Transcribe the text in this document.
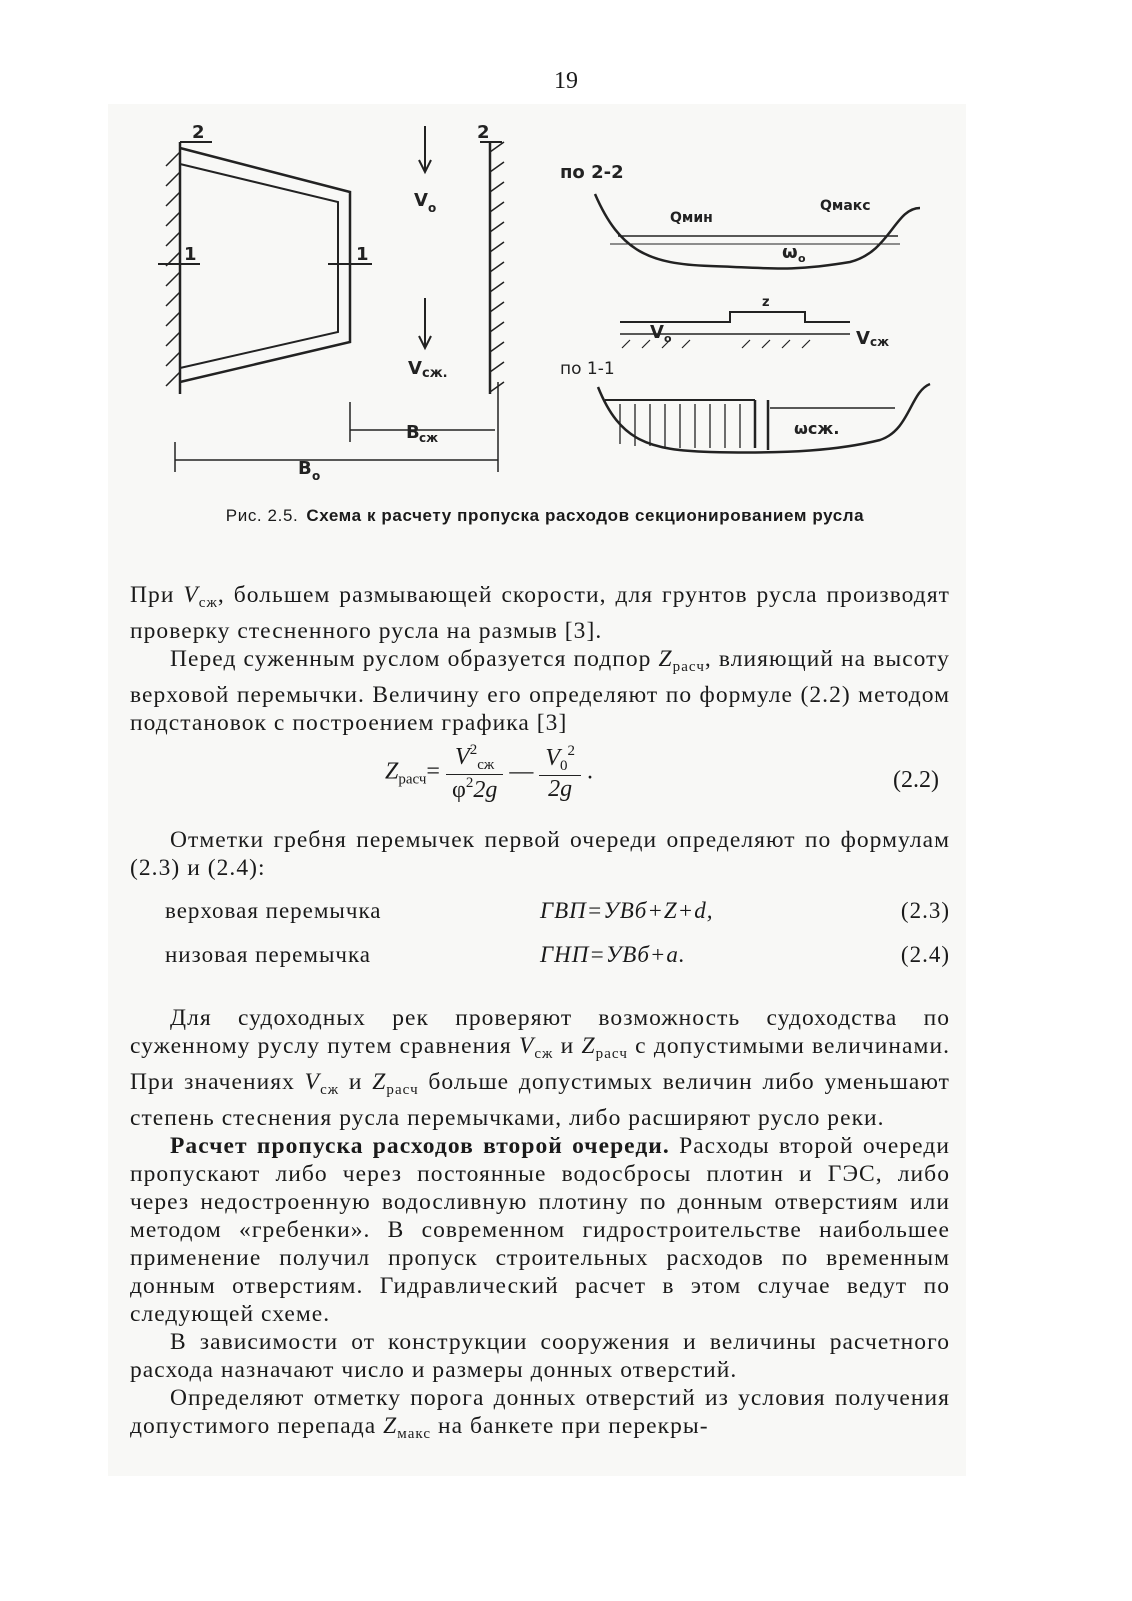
19
2	2
1	1
V o
V сж.
B o
B сж
по 2-2
по 1-1
Qмин
Qмакс
ω o
ωсж.
z
V o	V сж
Рис. 2.5. Схема к расчету пропуска расходов секционированием русла

При $V_{сж}$, большем размывающей скорости, для грунтов русла производят проверку стесненного русла на размыв [3].

Перед суженным руслом образуется подпор $Z_{расч}$, влияющий на высоту верховой перемычки. Величину его определяют по формуле (2.2) методом подстановок с построением графика [3]

$Z_{расч}= \frac{V^2_{сж}}{\varphi^22g}$ — $\frac{V_0^2}{2g}$ .	(2.2)

Отметки гребня перемычек первой очереди определяют по формулам (2.3) и (2.4):

верховая перемычка	ГВП=УВб+Z+d,	(2.3)
низовая перемычка	ГНП=УВб+a.	(2.4)

Для судоходных рек проверяют возможность судоходства по суженному руслу путем сравнения $V_{сж}$ и $Z_{расч}$ с допустимыми величинами. При значениях $V_{сж}$ и $Z_{расч}$ больше допустимых величин либо уменьшают степень стеснения русла перемычками, либо расширяют русло реки.

Расчет пропуска расходов второй очереди. Расходы второй очереди пропускают либо через постоянные водосбросы плотин и ГЭС, либо через недостроенную водосливную плотину по донным отверстиям или методом «гребенки». В современном гидростроительстве наибольшее применение получил пропуск строительных расходов по временным донным отверстиям. Гидравлический расчет в этом случае ведут по следующей схеме.

В зависимости от конструкции сооружения и величины расчетного расхода назначают число и размеры донных отверстий.

Определяют отметку порога донных отверстий из условия получения допустимого перепада $Z_{макс}$ на банкете при перекры-
